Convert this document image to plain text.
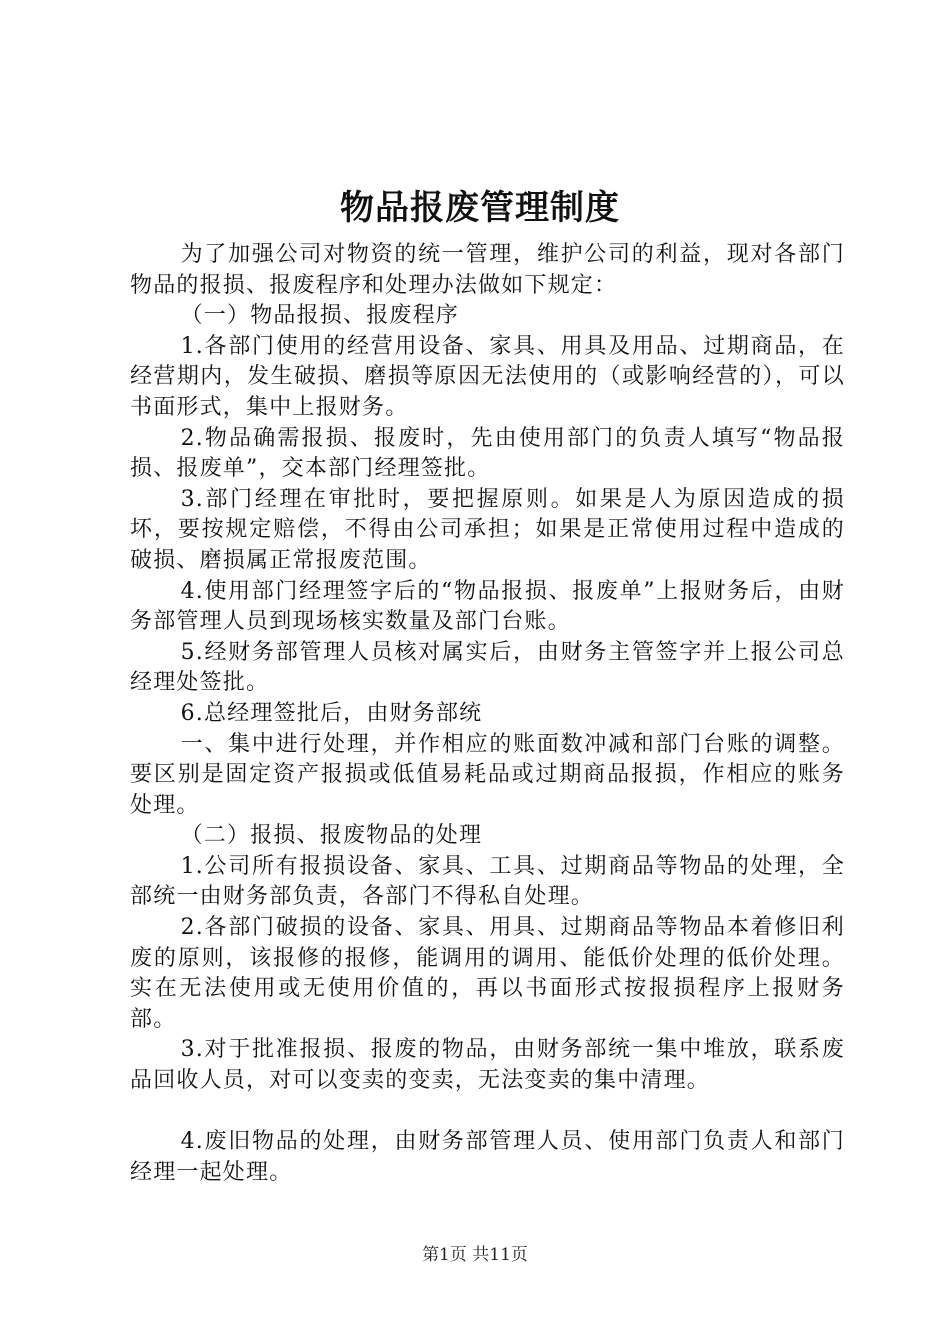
物品报废管理制度

为了加强公司对物资的统一管理，维护公司的利益，现对各部门物品的报损、报废程序和处理办法做如下规定：

（一）物品报损、报废程序

1.各部门使用的经营用设备、家具、用具及用品、过期商品，在经营期内，发生破损、磨损等原因无法使用的（或影响经营的），可以书面形式，集中上报财务。

2.物品确需报损、报废时，先由使用部门的负责人填写“物品报损、报废单”，交本部门经理签批。

3.部门经理在审批时，要把握原则。如果是人为原因造成的损坏，要按规定赔偿，不得由公司承担；如果是正常使用过程中造成的破损、磨损属正常报废范围。

4.使用部门经理签字后的“物品报损、报废单”上报财务后，由财务部管理人员到现场核实数量及部门台账。

5.经财务部管理人员核对属实后，由财务主管签字并上报公司总经理处签批。

6.总经理签批后，由财务部统

一、集中进行处理，并作相应的账面数冲减和部门台账的调整。要区别是固定资产报损或低值易耗品或过期商品报损，作相应的账务处理。

（二）报损、报废物品的处理

1.公司所有报损设备、家具、工具、过期商品等物品的处理，全部统一由财务部负责，各部门不得私自处理。

2.各部门破损的设备、家具、用具、过期商品等物品本着修旧利废的原则，该报修的报修，能调用的调用、能低价处理的低价处理。实在无法使用或无使用价值的，再以书面形式按报损程序上报财务部。

3.对于批准报损、报废的物品，由财务部统一集中堆放，联系废品回收人员，对可以变卖的变卖，无法变卖的集中清理。

4.废旧物品的处理，由财务部管理人员、使用部门负责人和部门经理一起处理。

第1页 共11页
